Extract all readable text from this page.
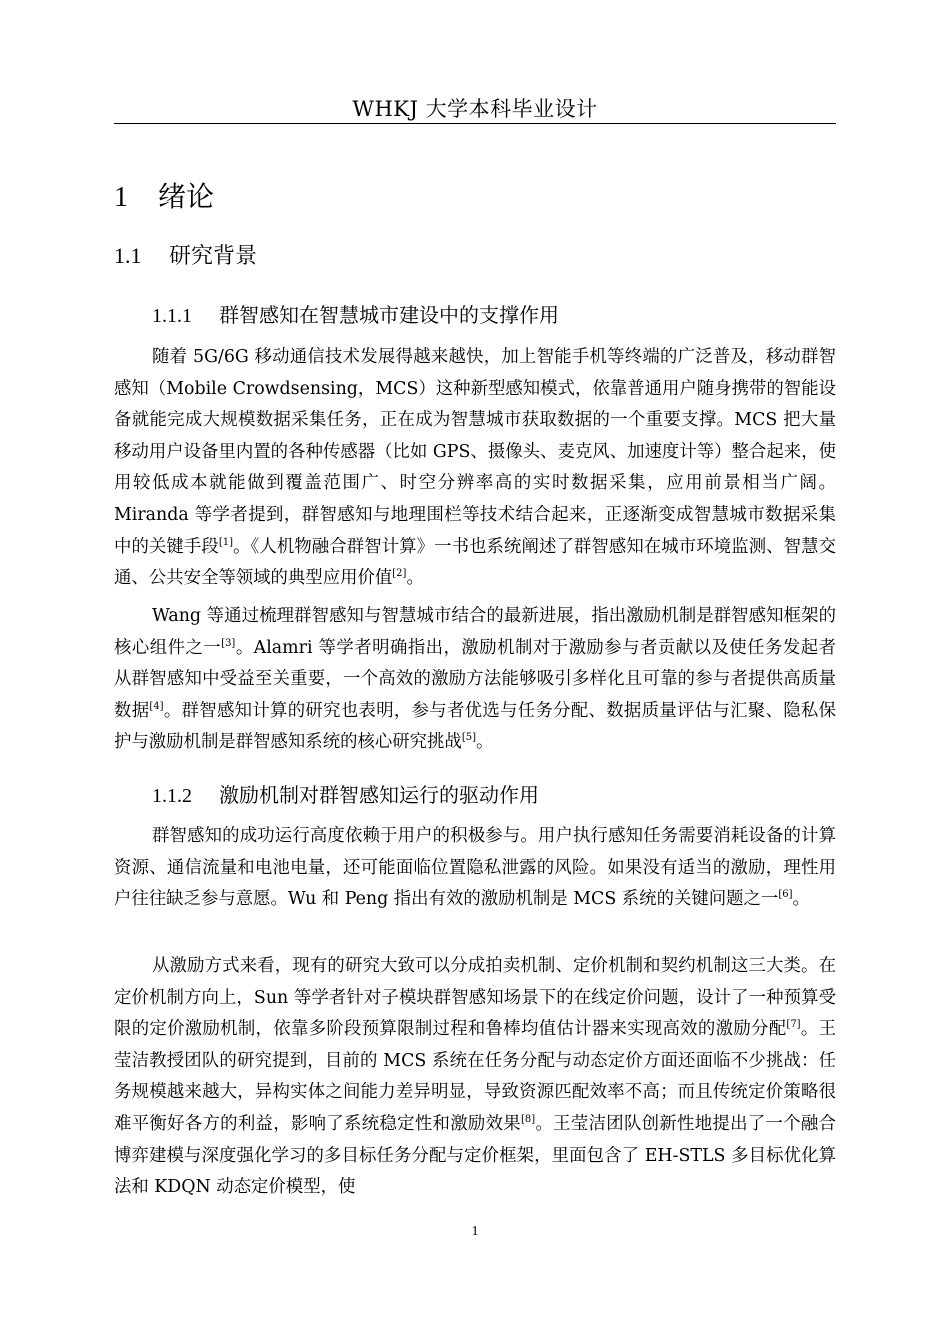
WHKJ 大学本科毕业设计
1 绪论
1.1 研究背景
1.1.1 群智感知在智慧城市建设中的支撑作用

随着 5G/6G 移动通信技术发展得越来越快，加上智能手机等终端的广泛普及，移动群智感知（Mobile Crowdsensing，MCS）这种新型感知模式，依靠普通用户随身携带的智能设备就能完成大规模数据采集任务，正在成为智慧城市获取数据的一个重要支撑。MCS 把大量移动用户设备里内置的各种传感器（比如 GPS、摄像头、麦克风、加速度计等）整合起来，使用较低成本就能做到覆盖范围广、时空分辨率高的实时数据采集，应用前景相当广阔。Miranda 等学者提到，群智感知与地理围栏等技术结合起来，正逐渐变成智慧城市数据采集中的关键手段[1]。《人机物融合群智计算》一书也系统阐述了群智感知在城市环境监测、智慧交通、公共安全等领域的典型应用价值[2]。

Wang 等通过梳理群智感知与智慧城市结合的最新进展，指出激励机制是群智感知框架的核心组件之一[3]。Alamri 等学者明确指出，激励机制对于激励参与者贡献以及使任务发起者从群智感知中受益至关重要，一个高效的激励方法能够吸引多样化且可靠的参与者提供高质量数据[4]。群智感知计算的研究也表明，参与者优选与任务分配、数据质量评估与汇聚、隐私保护与激励机制是群智感知系统的核心研究挑战[5]。

1.1.2 激励机制对群智感知运行的驱动作用

群智感知的成功运行高度依赖于用户的积极参与。用户执行感知任务需要消耗设备的计算资源、通信流量和电池电量，还可能面临位置隐私泄露的风险。如果没有适当的激励，理性用户往往缺乏参与意愿。Wu 和 Peng 指出有效的激励机制是 MCS 系统的关键问题之一[6]。

从激励方式来看，现有的研究大致可以分成拍卖机制、定价机制和契约机制这三大类。在定价机制方向上，Sun 等学者针对子模块群智感知场景下的在线定价问题，设计了一种预算受限的定价激励机制，依靠多阶段预算限制过程和鲁棒均值估计器来实现高效的激励分配[7]。王莹洁教授团队的研究提到，目前的 MCS 系统在任务分配与动态定价方面还面临不少挑战：任务规模越来越大，异构实体之间能力差异明显，导致资源匹配效率不高；而且传统定价策略很难平衡好各方的利益，影响了系统稳定性和激励效果[8]。王莹洁团队创新性地提出了一个融合博弈建模与深度强化学习的多目标任务分配与定价框架，里面包含了 EH-STLS 多目标优化算法和 KDQN 动态定价模型，使

1
